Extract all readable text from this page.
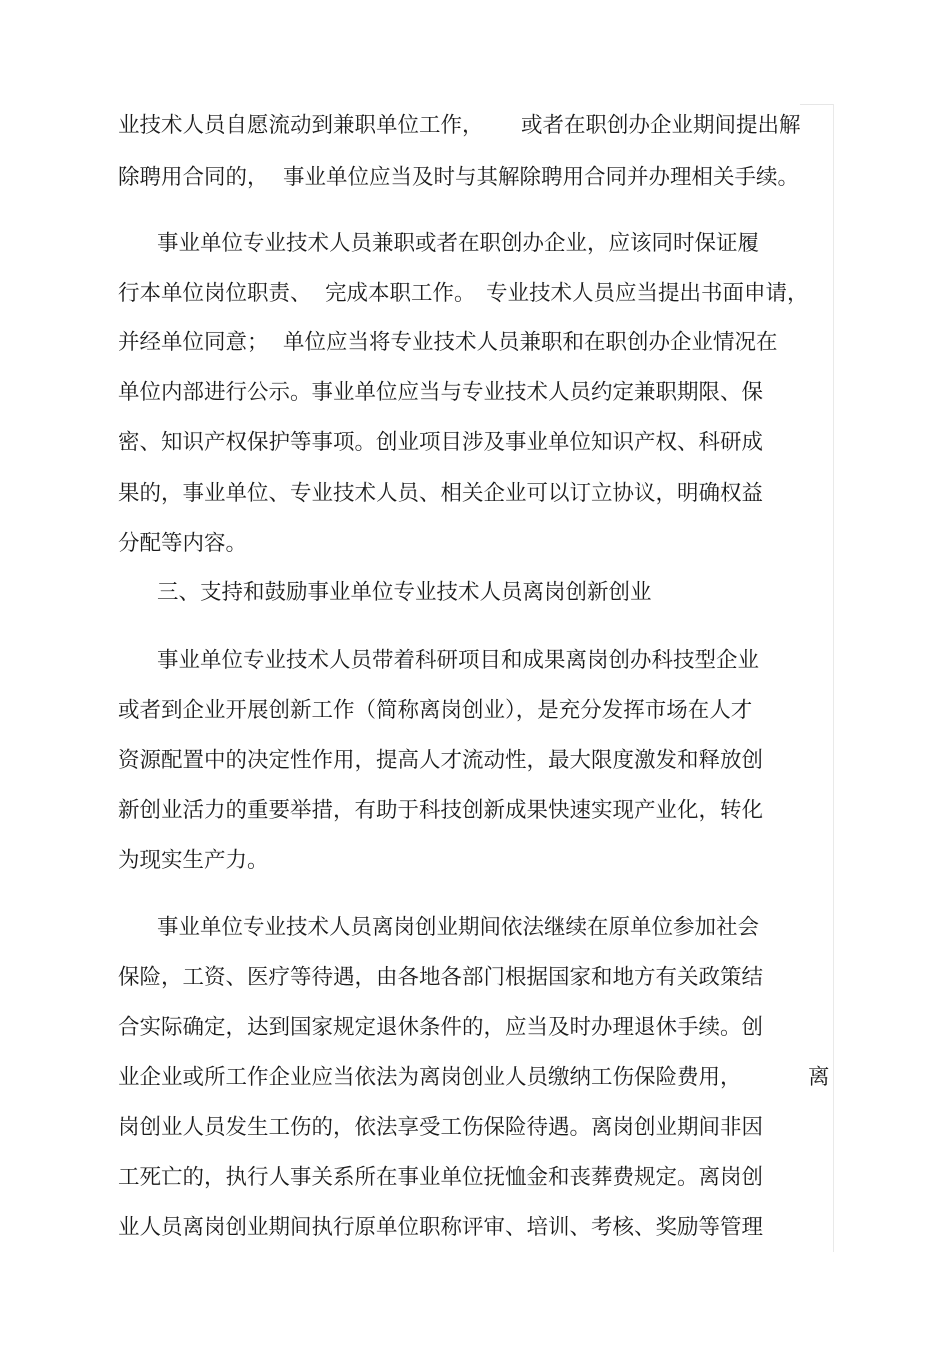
业技术人员自愿流动到兼职单位工作， 或者在职创办企业期间提出解
除聘用合同的， 事业单位应当及时与其解除聘用合同并办理相关手续。
事业单位专业技术人员兼职或者在职创办企业，应该同时保证履
行本单位岗位职责、 完成本职工作。 专业技术人员应当提出书面申请，
并经单位同意； 单位应当将专业技术人员兼职和在职创办企业情况在
单位内部进行公示。事业单位应当与专业技术人员约定兼职期限、保
密、知识产权保护等事项。创业项目涉及事业单位知识产权、科研成
果的，事业单位、专业技术人员、相关企业可以订立协议，明确权益
分配等内容。
三、支持和鼓励事业单位专业技术人员离岗创新创业
事业单位专业技术人员带着科研项目和成果离岗创办科技型企业
或者到企业开展创新工作（简称离岗创业），是充分发挥市场在人才
资源配置中的决定性作用，提高人才流动性，最大限度激发和释放创
新创业活力的重要举措，有助于科技创新成果快速实现产业化，转化
为现实生产力。
事业单位专业技术人员离岗创业期间依法继续在原单位参加社会
保险，工资、医疗等待遇，由各地各部门根据国家和地方有关政策结
合实际确定，达到国家规定退休条件的，应当及时办理退休手续。创
业企业或所工作企业应当依法为离岗创业人员缴纳工伤保险费用，	离
岗创业人员发生工伤的，依法享受工伤保险待遇。离岗创业期间非因
工死亡的，执行人事关系所在事业单位抚恤金和丧葬费规定。离岗创
业人员离岗创业期间执行原单位职称评审、培训、考核、奖励等管理
